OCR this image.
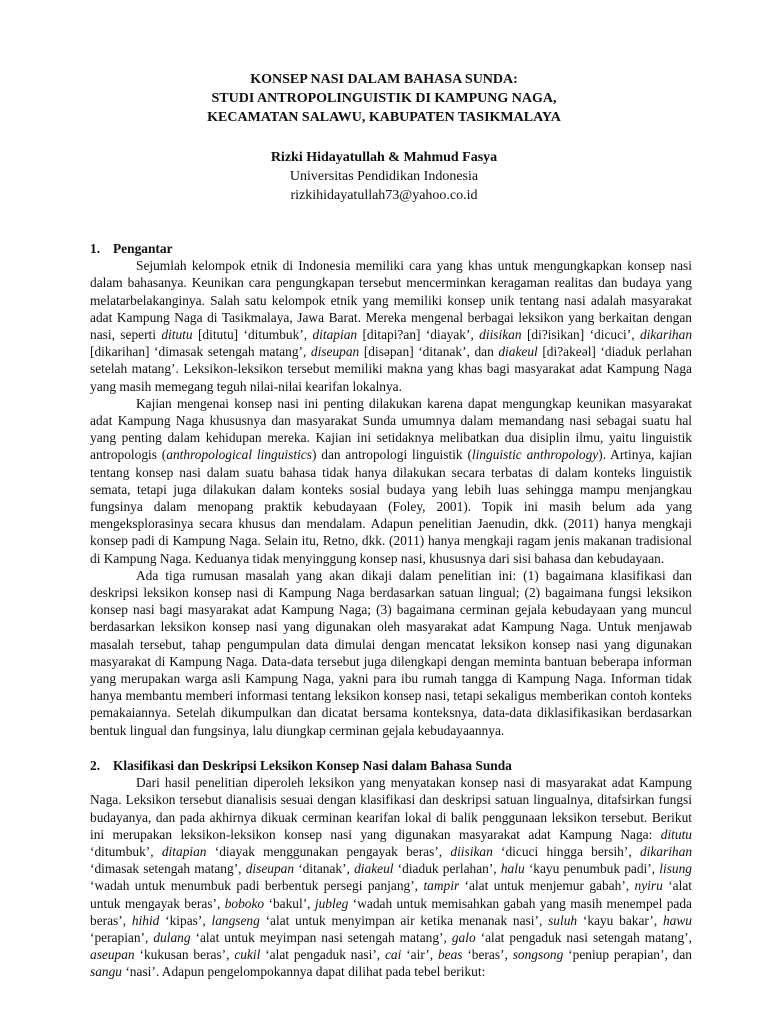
KONSEP NASI DALAM BAHASA SUNDA:
STUDI ANTROPOLINGUISTIK DI KAMPUNG NAGA,
KECAMATAN SALAWU, KABUPATEN TASIKMALAYA
Rizki Hidayatullah & Mahmud Fasya
Universitas Pendidikan Indonesia
rizkihidayatullah73@yahoo.co.id
1. Pengantar

Sejumlah kelompok etnik di Indonesia memiliki cara yang khas untuk mengungkapkan konsep nasi dalam bahasanya. Keunikan cara pengungkapan tersebut mencerminkan keragaman realitas dan budaya yang melatarbelakanginya. Salah satu kelompok etnik yang memiliki konsep unik tentang nasi adalah masyarakat adat Kampung Naga di Tasikmalaya, Jawa Barat. Mereka mengenal berbagai leksikon yang berkaitan dengan nasi, seperti ditutu [ditutu] ‘ditumbuk’, ditapian [ditapi?an] ‘diayak’, diisikan [di?isikan] ‘dicuci’, dikarihan [dikarihan] ‘dimasak setengah matang’, diseupan [disəpan] ‘ditanak’, dan diakeul [di?akeəl] ‘diaduk perlahan setelah matang’. Leksikon-leksikon tersebut memiliki makna yang khas bagi masyarakat adat Kampung Naga yang masih memegang teguh nilai-nilai kearifan lokalnya.

Kajian mengenai konsep nasi ini penting dilakukan karena dapat mengungkap keunikan masyarakat adat Kampung Naga khususnya dan masyarakat Sunda umumnya dalam memandang nasi sebagai suatu hal yang penting dalam kehidupan mereka. Kajian ini setidaknya melibatkan dua disiplin ilmu, yaitu linguistik antropologis (anthropological linguistics) dan antropologi linguistik (linguistic anthropology). Artinya, kajian tentang konsep nasi dalam suatu bahasa tidak hanya dilakukan secara terbatas di dalam konteks linguistik semata, tetapi juga dilakukan dalam konteks sosial budaya yang lebih luas sehingga mampu menjangkau fungsinya dalam menopang praktik kebudayaan (Foley, 2001). Topik ini masih belum ada yang mengeksplorasinya secara khusus dan mendalam. Adapun penelitian Jaenudin, dkk. (2011) hanya mengkaji konsep padi di Kampung Naga. Selain itu, Retno, dkk. (2011) hanya mengkaji ragam jenis makanan tradisional di Kampung Naga. Keduanya tidak menyinggung konsep nasi, khususnya dari sisi bahasa dan kebudayaan.

Ada tiga rumusan masalah yang akan dikaji dalam penelitian ini: (1) bagaimana klasifikasi dan deskripsi leksikon konsep nasi di Kampung Naga berdasarkan satuan lingual; (2) bagaimana fungsi leksikon konsep nasi bagi masyarakat adat Kampung Naga; (3) bagaimana cerminan gejala kebudayaan yang muncul berdasarkan leksikon konsep nasi yang digunakan oleh masyarakat adat Kampung Naga. Untuk menjawab masalah tersebut, tahap pengumpulan data dimulai dengan mencatat leksikon konsep nasi yang digunakan masyarakat di Kampung Naga. Data-data tersebut juga dilengkapi dengan meminta bantuan beberapa informan yang merupakan warga asli Kampung Naga, yakni para ibu rumah tangga di Kampung Naga. Informan tidak hanya membantu memberi informasi tentang leksikon konsep nasi, tetapi sekaligus memberikan contoh konteks pemakaiannya. Setelah dikumpulkan dan dicatat bersama konteksnya, data-data diklasifikasikan berdasarkan bentuk lingual dan fungsinya, lalu diungkap cerminan gejala kebudayaannya.

2. Klasifikasi dan Deskripsi Leksikon Konsep Nasi dalam Bahasa Sunda

Dari hasil penelitian diperoleh leksikon yang menyatakan konsep nasi di masyarakat adat Kampung Naga. Leksikon tersebut dianalisis sesuai dengan klasifikasi dan deskripsi satuan lingualnya, ditafsirkan fungsi budayanya, dan pada akhirnya dikuak cerminan kearifan lokal di balik penggunaan leksikon tersebut. Berikut ini merupakan leksikon-leksikon konsep nasi yang digunakan masyarakat adat Kampung Naga: ditutu ‘ditumbuk’, ditapian ‘diayak menggunakan pengayak beras’, diisikan ‘dicuci hingga bersih’, dikarihan ‘dimasak setengah matang’, diseupan ‘ditanak’, diakeul ‘diaduk perlahan’, halu ‘kayu penumbuk padi’, lisung ‘wadah untuk menumbuk padi berbentuk persegi panjang’, tampir ‘alat untuk menjemur gabah’, nyiru ‘alat untuk mengayak beras’, boboko ‘bakul’, jubleg ‘wadah untuk memisahkan gabah yang masih menempel pada beras’, hihid ‘kipas’, langseng ‘alat untuk menyimpan air ketika menanak nasi’, suluh ‘kayu bakar’, hawu ‘perapian’, dulang ‘alat untuk meyimpan nasi setengah matang’, galo ‘alat pengaduk nasi setengah matang’, aseupan ‘kukusan beras’, cukil ‘alat pengaduk nasi’, cai ‘air’, beas ‘beras’, songsong ‘peniup perapian’, dan sangu ‘nasi’. Adapun pengelompokannya dapat dilihat pada tebel berikut:
